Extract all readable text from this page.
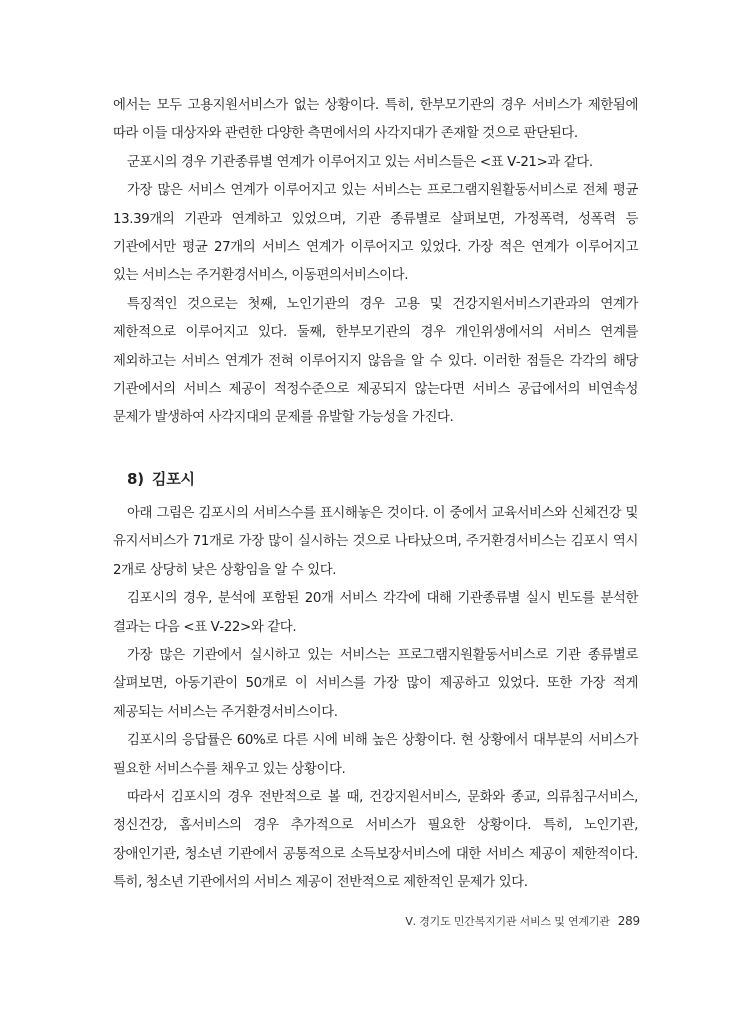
에서는 모두 고용지원서비스가 없는 상황이다. 특히, 한부모기관의 경우 서비스가 제한됨에 따라 이들 대상자와 관련한 다양한 측면에서의 사각지대가 존재할 것으로 판단된다.

군포시의 경우 기관종류별 연계가 이루어지고 있는 서비스들은 <표 Ⅴ-21>과 같다.

가장 많은 서비스 연계가 이루어지고 있는 서비스는 프로그램지원활동서비스로 전체 평균 13.39개의 기관과 연계하고 있었으며, 기관 종류별로 살펴보면, 가정폭력, 성폭력 등 기관에서만 평균 27개의 서비스 연계가 이루어지고 있었다. 가장 적은 연계가 이루어지고 있는 서비스는 주거환경서비스, 이동편의서비스이다.

특징적인 것으로는 첫째, 노인기관의 경우 고용 및 건강지원서비스기관과의 연계가 제한적으로 이루어지고 있다. 둘째, 한부모기관의 경우 개인위생에서의 서비스 연계를 제외하고는 서비스 연계가 전혀 이루어지지 않음을 알 수 있다. 이러한 점들은 각각의 해당 기관에서의 서비스 제공이 적정수준으로 제공되지 않는다면 서비스 공급에서의 비연속성 문제가 발생하여 사각지대의 문제를 유발할 가능성을 가진다.

8) 김포시

아래 그림은 김포시의 서비스수를 표시해놓은 것이다. 이 중에서 교육서비스와 신체건강 및 유지서비스가 71개로 가장 많이 실시하는 것으로 나타났으며, 주거환경서비스는 김포시 역시 2개로 상당히 낮은 상황임을 알 수 있다.

김포시의 경우, 분석에 포함된 20개 서비스 각각에 대해 기관종류별 실시 빈도를 분석한 결과는 다음 <표 Ⅴ-22>와 같다.

가장 많은 기관에서 실시하고 있는 서비스는 프로그램지원활동서비스로 기관 종류별로 살펴보면, 아동기관이 50개로 이 서비스를 가장 많이 제공하고 있었다. 또한 가장 적게 제공되는 서비스는 주거환경서비스이다.

김포시의 응답률은 60%로 다른 시에 비해 높은 상황이다. 현 상황에서 대부분의 서비스가 필요한 서비스수를 채우고 있는 상황이다.

따라서 김포시의 경우 전반적으로 볼 때, 건강지원서비스, 문화와 종교, 의류침구서비스, 정신건강, 홈서비스의 경우 추가적으로 서비스가 필요한 상황이다. 특히, 노인기관, 장애인기관, 청소년 기관에서 공통적으로 소득보장서비스에 대한 서비스 제공이 제한적이다. 특히, 청소년 기관에서의 서비스 제공이 전반적으로 제한적인 문제가 있다.

Ⅴ. 경기도 민간복지기관 서비스 및 연계기관 289
